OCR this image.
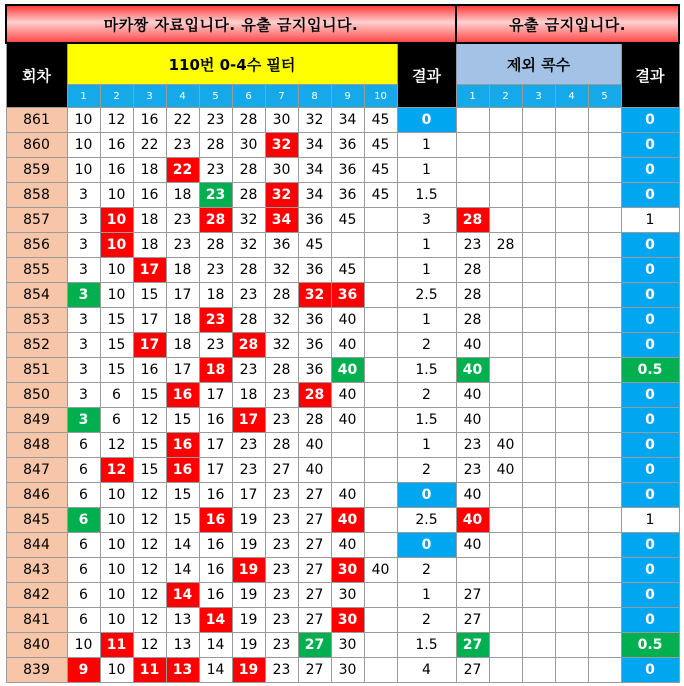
마카짱 자료입니다. 유출 금지입니다.												유출 금지입니다.					
회차	110번 0-4수 필터										결과	제외 콕수					결과
	1	2	3	4	5	6	7	8	9	10		1	2	3	4	5	
861	10	12	16	22	23	28	30	32	34	45	0						0
860	10	16	22	23	28	30	32	34	36	45	1						0
859	10	16	18	22	23	28	30	34	36	45	1						0
858	3	10	16	18	23	28	32	34	36	45	1.5						0
857	3	10	18	23	28	32	34	36	45		3	28					1
856	3	10	18	23	28	32	36	45			1	23	28				0
855	3	10	17	18	23	28	32	36	45		1	28					0
854	3	10	15	17	18	23	28	32	36		2.5	28					0
853	3	15	17	18	23	28	32	36	40		1	28					0
852	3	15	17	18	23	28	32	36	40		2	40					0
851	3	15	16	17	18	23	28	36	40		1.5	40					0.5
850	3	6	15	16	17	18	23	28	40		2	40					0
849	3	6	12	15	16	17	23	28	40		1.5	40					0
848	6	12	15	16	17	23	28	40			1	23	40				0
847	6	12	15	16	17	23	27	40			2	23	40				0
846	6	10	12	15	16	17	23	27	40		0	40					0
845	6	10	12	15	16	19	23	27	40		2.5	40					1
844	6	10	12	14	16	19	23	27	40		0	40					0
843	6	10	12	14	16	19	23	27	30	40	2						0
842	6	10	12	14	16	19	23	27	30		1	27					0
841	6	10	12	13	14	19	23	27	30		2	27					0
840	10	11	12	13	14	19	23	27	30		1.5	27					0.5
839	9	10	11	13	14	19	23	27	30		4	27					0
